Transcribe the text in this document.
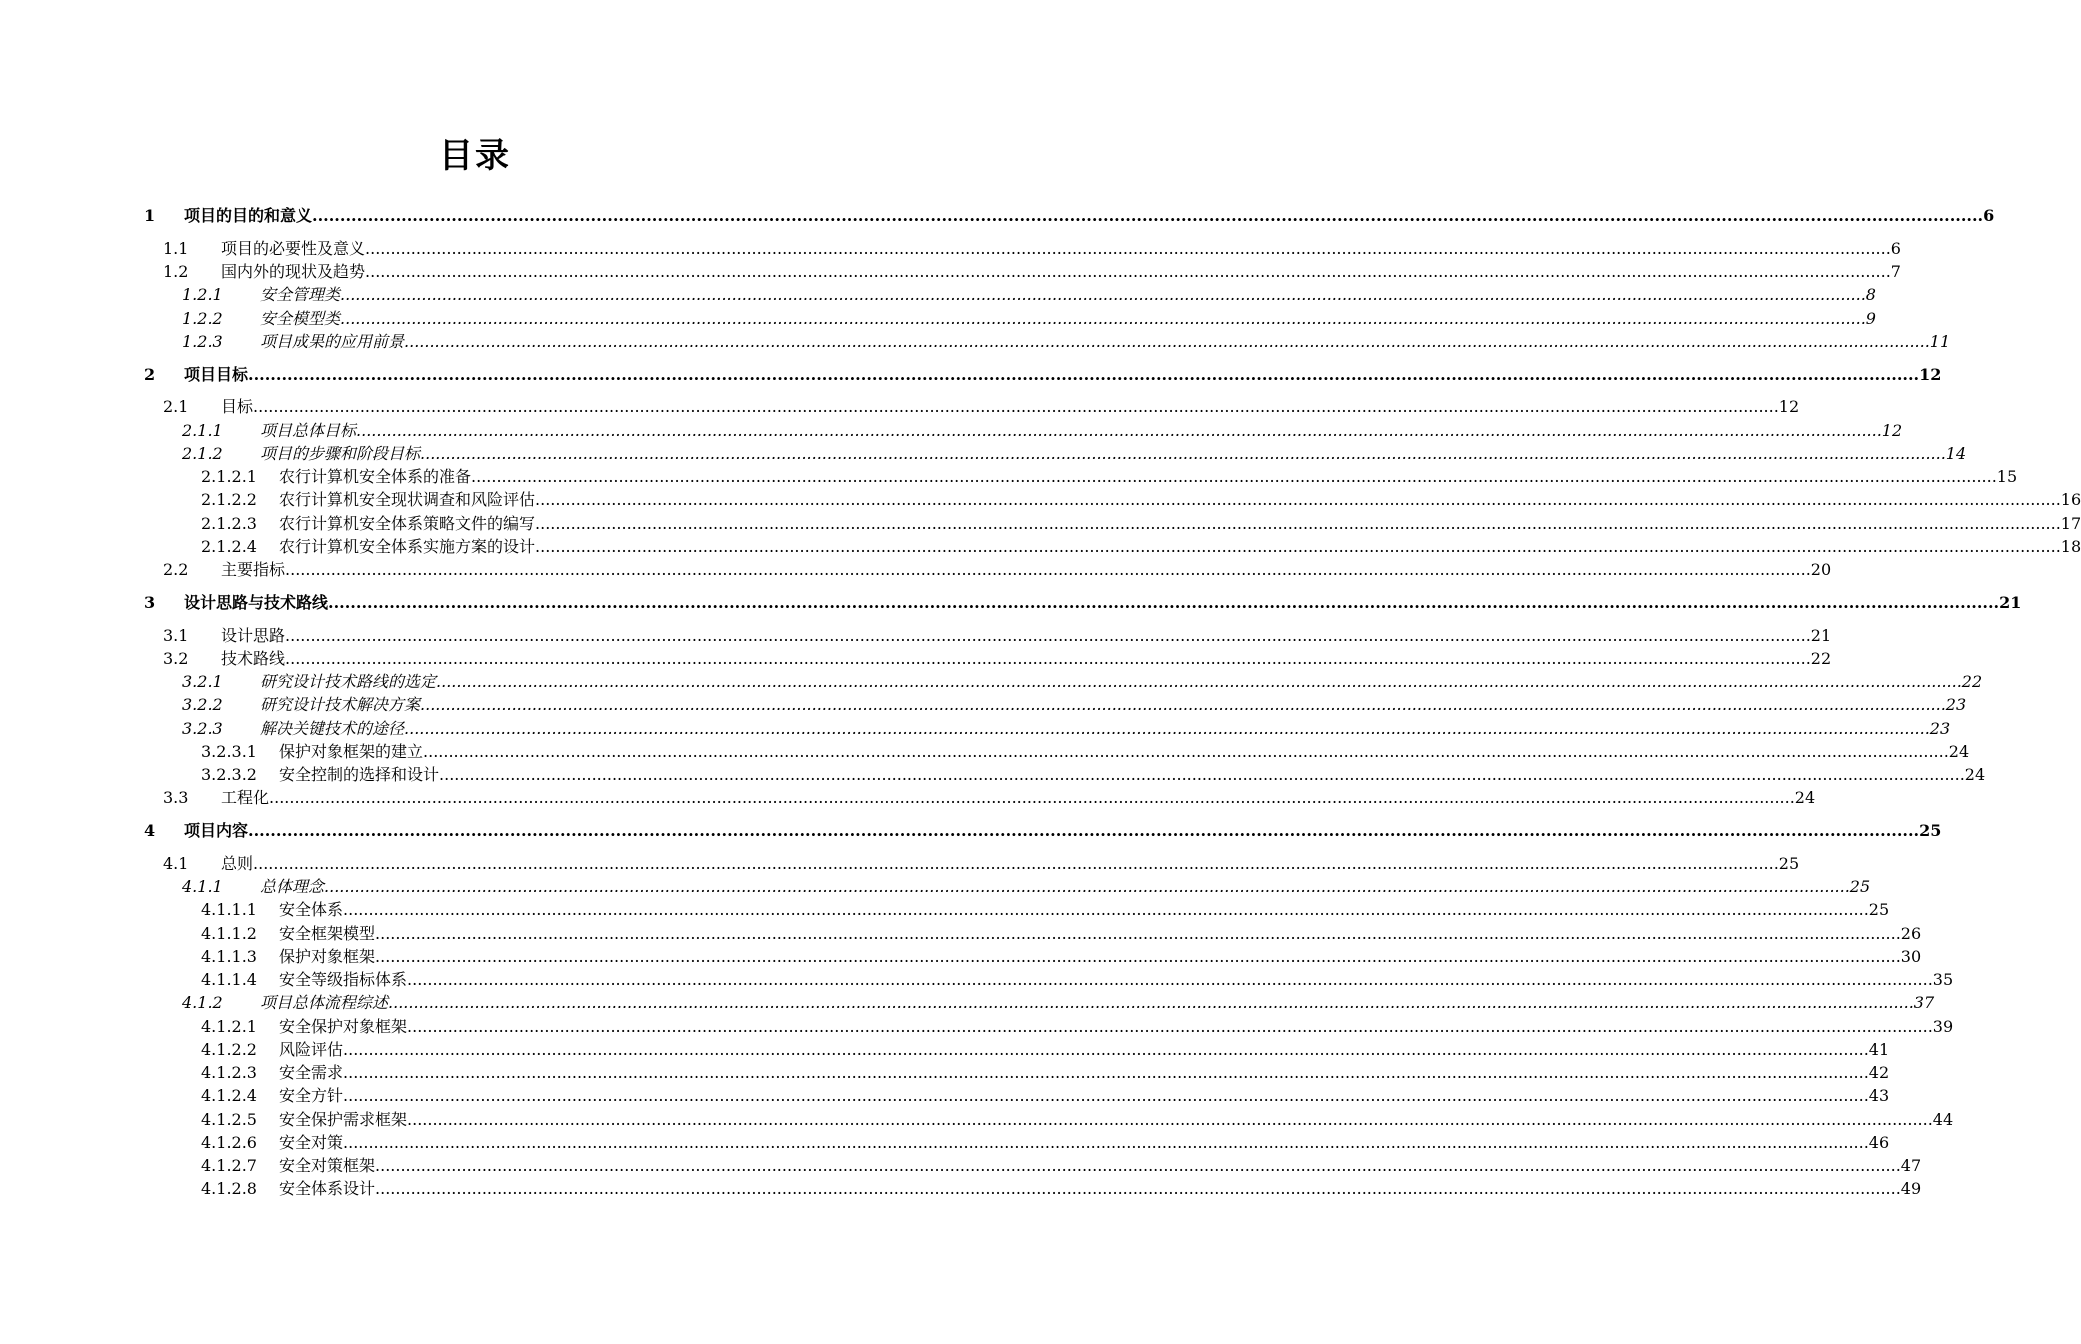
目录
1 项目的目的和意义 ............................................................................................................................................................................................................................................................................................................ 6
1.1 项目的必要性及意义 ............................................................................................................................................................................................................................................................................................................ 6
1.2 国内外的现状及趋势 ............................................................................................................................................................................................................................................................................................................ 7
1.2.1 安全管理类 ............................................................................................................................................................................................................................................................................................................ 8
1.2.2 安全模型类 ............................................................................................................................................................................................................................................................................................................ 9
1.2.3 项目成果的应用前景 ............................................................................................................................................................................................................................................................................................................ 11
2 项目目标 ............................................................................................................................................................................................................................................................................................................ 12
2.1 目标 ............................................................................................................................................................................................................................................................................................................ 12
2.1.1 项目总体目标 ............................................................................................................................................................................................................................................................................................................ 12
2.1.2 项目的步骤和阶段目标 ............................................................................................................................................................................................................................................................................................................ 14
2.1.2.1 农行计算机安全体系的准备 ............................................................................................................................................................................................................................................................................................................ 15
2.1.2.2 农行计算机安全现状调查和风险评估 ............................................................................................................................................................................................................................................................................................................ 16
2.1.2.3 农行计算机安全体系策略文件的编写 ............................................................................................................................................................................................................................................................................................................ 17
2.1.2.4 农行计算机安全体系实施方案的设计 ............................................................................................................................................................................................................................................................................................................ 18
2.2 主要指标 ............................................................................................................................................................................................................................................................................................................ 20
3 设计思路与技术路线 ............................................................................................................................................................................................................................................................................................................ 21
3.1 设计思路 ............................................................................................................................................................................................................................................................................................................ 21
3.2 技术路线 ............................................................................................................................................................................................................................................................................................................ 22
3.2.1 研究设计技术路线的选定 ............................................................................................................................................................................................................................................................................................................ 22
3.2.2 研究设计技术解决方案 ............................................................................................................................................................................................................................................................................................................ 23
3.2.3 解决关键技术的途径 ............................................................................................................................................................................................................................................................................................................ 23
3.2.3.1 保护对象框架的建立 ............................................................................................................................................................................................................................................................................................................ 24
3.2.3.2 安全控制的选择和设计 ............................................................................................................................................................................................................................................................................................................ 24
3.3 工程化 ............................................................................................................................................................................................................................................................................................................ 24
4 项目内容 ............................................................................................................................................................................................................................................................................................................ 25
4.1 总则 ............................................................................................................................................................................................................................................................................................................ 25
4.1.1 总体理念 ............................................................................................................................................................................................................................................................................................................ 25
4.1.1.1 安全体系 ............................................................................................................................................................................................................................................................................................................ 25
4.1.1.2 安全框架模型 ............................................................................................................................................................................................................................................................................................................ 26
4.1.1.3 保护对象框架 ............................................................................................................................................................................................................................................................................................................ 30
4.1.1.4 安全等级指标体系 ............................................................................................................................................................................................................................................................................................................ 35
4.1.2 项目总体流程综述 ............................................................................................................................................................................................................................................................................................................ 37
4.1.2.1 安全保护对象框架 ............................................................................................................................................................................................................................................................................................................ 39
4.1.2.2 风险评估 ............................................................................................................................................................................................................................................................................................................ 41
4.1.2.3 安全需求 ............................................................................................................................................................................................................................................................................................................ 42
4.1.2.4 安全方针 ............................................................................................................................................................................................................................................................................................................ 43
4.1.2.5 安全保护需求框架 ............................................................................................................................................................................................................................................................................................................ 44
4.1.2.6 安全对策 ............................................................................................................................................................................................................................................................................................................ 46
4.1.2.7 安全对策框架 ............................................................................................................................................................................................................................................................................................................ 47
4.1.2.8 安全体系设计 ............................................................................................................................................................................................................................................................................................................ 49
